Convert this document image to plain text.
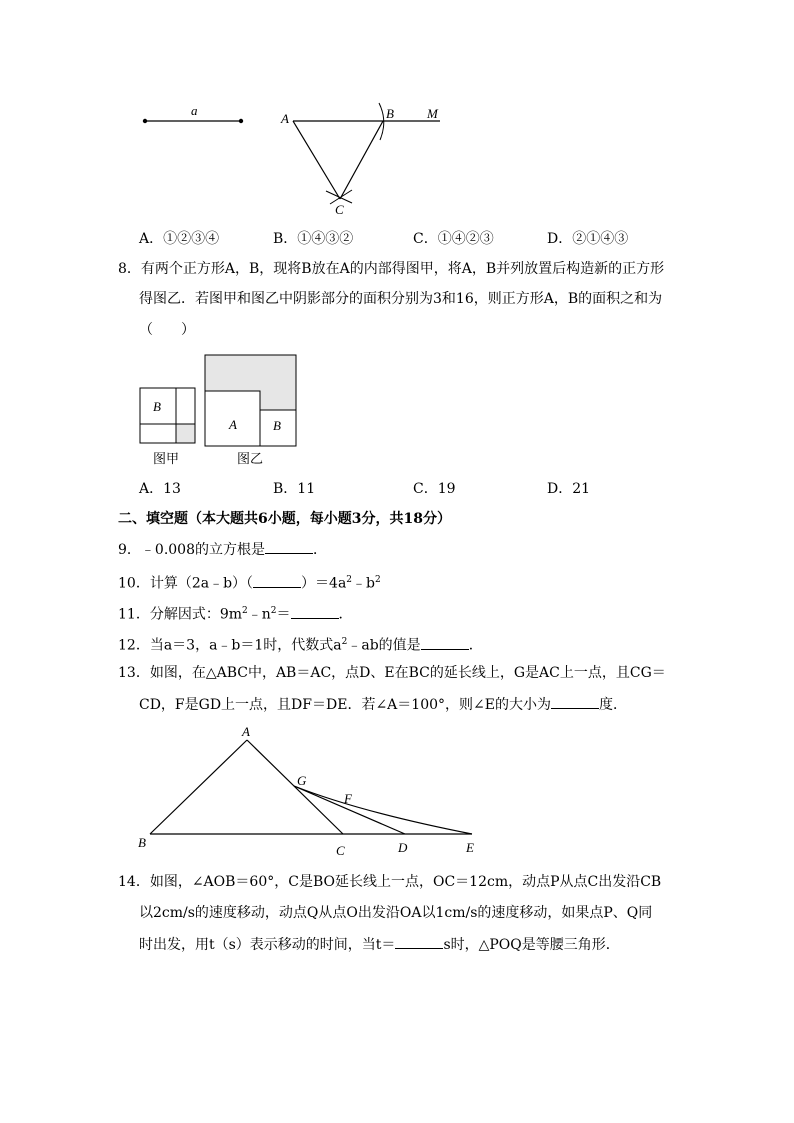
a
A	B	M
C
A．①②③④	B．①④③②	C．①④②③	D．②①④③
8．有两个正方形A，B，现将B放在A的内部得图甲，将A，B并列放置后构造新的正方形
得图乙．若图甲和图乙中阴影部分的面积分别为3和16，则正方形A，B的面积之和为
（　　）
B
图甲
A	B
图乙
A．13	B．11	C．19	D．21
二、填空题（本大题共6小题，每小题3分，共18分）
9．﹣0.008的立方根是	．
10．计算（2a﹣b）（	）$=4a^2﹣b^2$
11．分解因式：$9m^2﹣n^2=$	．
12．当a＝3，a﹣b＝1时，代数式$a^2﹣ab$的值是	．
13．如图，在△ABC中，AB＝AC，点D、E在BC的延长线上，G是AC上一点，且CG＝
CD，F是GD上一点，且DF＝DE．若∠A＝100°，则∠E的大小为	度．
A
G
F
B
C	D	E
14．如图，∠AOB＝60°，C是BO延长线上一点，OC＝12cm，动点P从点C出发沿CB
以2cm/s的速度移动，动点Q从点O出发沿OA以1cm/s的速度移动，如果点P、Q同
时出发，用t（s）表示移动的时间，当t＝	s时，△POQ是等腰三角形．
